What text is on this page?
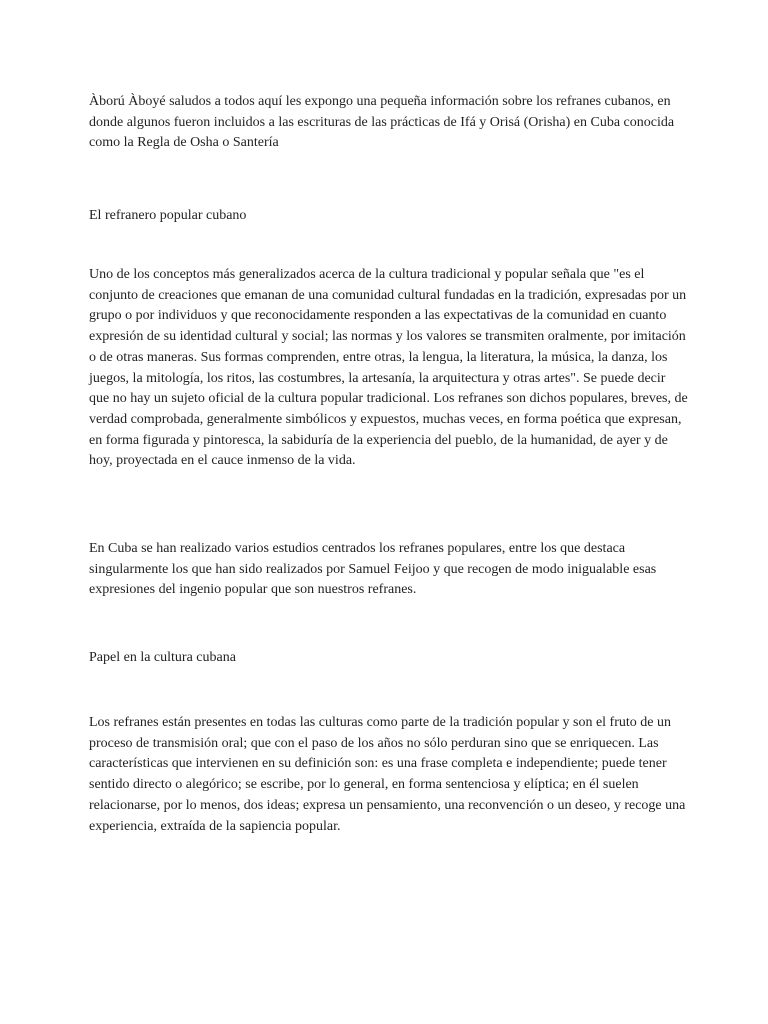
Àború Àboyé saludos a todos aquí les expongo una pequeña información sobre los refranes cubanos, en donde algunos fueron incluidos a las escrituras de las prácticas de Ifá y Orisá (Orisha) en Cuba conocida como la Regla de Osha o Santería

El refranero popular cubano

Uno de los conceptos más generalizados acerca de la cultura tradicional y popular señala que "es el conjunto de creaciones que emanan de una comunidad cultural fundadas en la tradición, expresadas por un grupo o por individuos y que reconocidamente responden a las expectativas de la comunidad en cuanto expresión de su identidad cultural y social; las normas y los valores se transmiten oralmente, por imitación o de otras maneras. Sus formas comprenden, entre otras, la lengua, la literatura, la música, la danza, los juegos, la mitología, los ritos, las costumbres, la artesanía, la arquitectura y otras artes". Se puede decir que no hay un sujeto oficial de la cultura popular tradicional. Los refranes son dichos populares, breves, de verdad comprobada, generalmente simbólicos y expuestos, muchas veces, en forma poética que expresan, en forma figurada y pintoresca, la sabiduría de la experiencia del pueblo, de la humanidad, de ayer y de hoy, proyectada en el cauce inmenso de la vida.

En Cuba se han realizado varios estudios centrados los refranes populares, entre los que destaca singularmente los que han sido realizados por Samuel Feijoo y que recogen de modo inigualable esas expresiones del ingenio popular que son nuestros refranes.

Papel en la cultura cubana

Los refranes están presentes en todas las culturas como parte de la tradición popular y son el fruto de un proceso de transmisión oral; que con el paso de los años no sólo perduran sino que se enriquecen. Las características que intervienen en su definición son: es una frase completa e independiente; puede tener sentido directo o alegórico; se escribe, por lo general, en forma sentenciosa y elíptica; en él suelen relacionarse, por lo menos, dos ideas; expresa un pensamiento, una reconvención o un deseo, y recoge una experiencia, extraída de la sapiencia popular.
